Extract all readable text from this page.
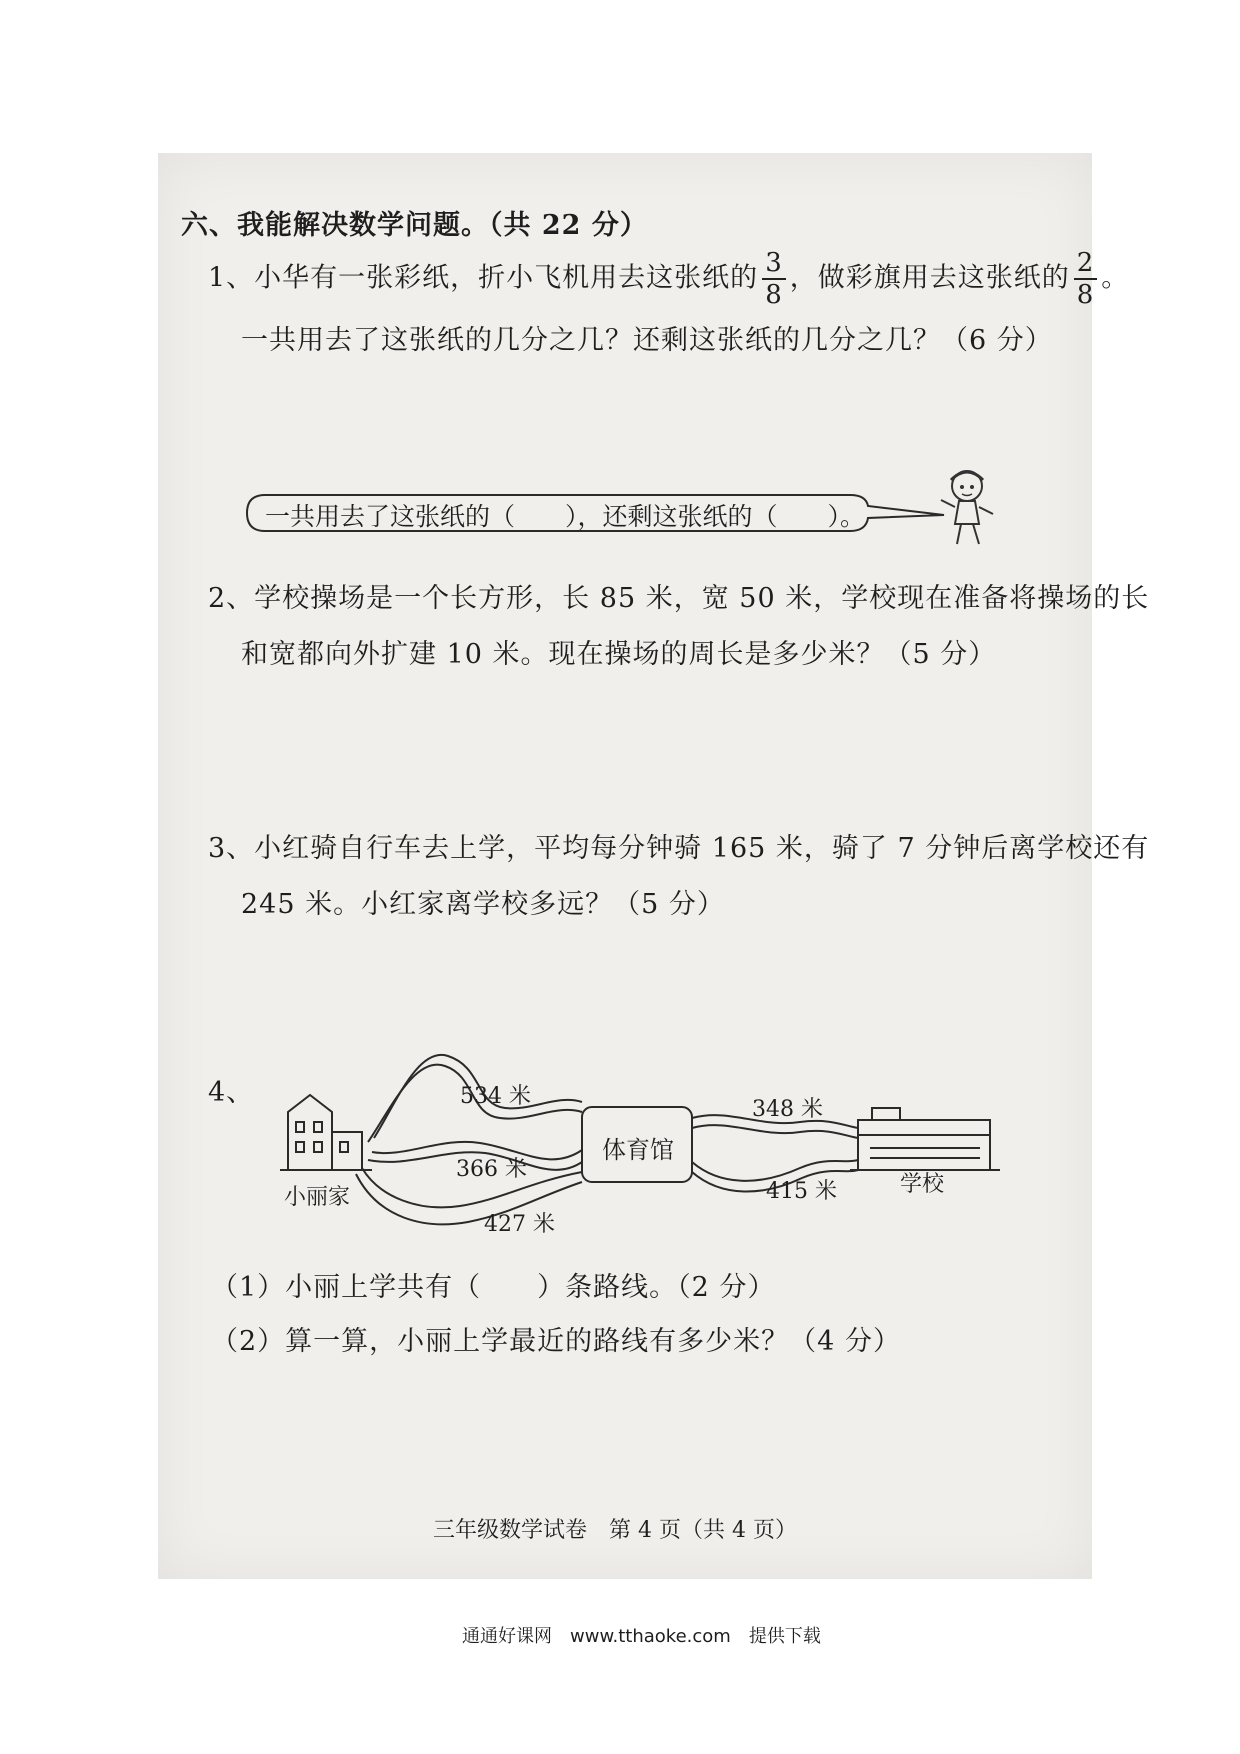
六、我能解决数学问题。（共 22 分）
1、小华有一张彩纸，折小飞机用去这张纸的 $\frac{3}{8}$ ，做彩旗用去这张纸的 $\frac{2}{8}$ 。
一共用去了这张纸的几分之几？还剩这张纸的几分之几？（6 分）
一共用去了这张纸的（　　），还剩这张纸的（　　）。
2、学校操场是一个长方形，长 85 米，宽 50 米，学校现在准备将操场的长
和宽都向外扩建 10 米。现在操场的周长是多少米？（5 分）
3、小红骑自行车去上学，平均每分钟骑 165 米，骑了 7 分钟后离学校还有
245 米。小红家离学校多远？（5 分）
4、	534 米
348 米
366 米
415 米
427 米
体育馆
小丽家
学校
（1）小丽上学共有（　　）条路线。（2 分）
（2）算一算，小丽上学最近的路线有多少米？（4 分）
三年级数学试卷　第 4 页（共 4 页）
通通好课网　www.tthaoke.com　提供下载
